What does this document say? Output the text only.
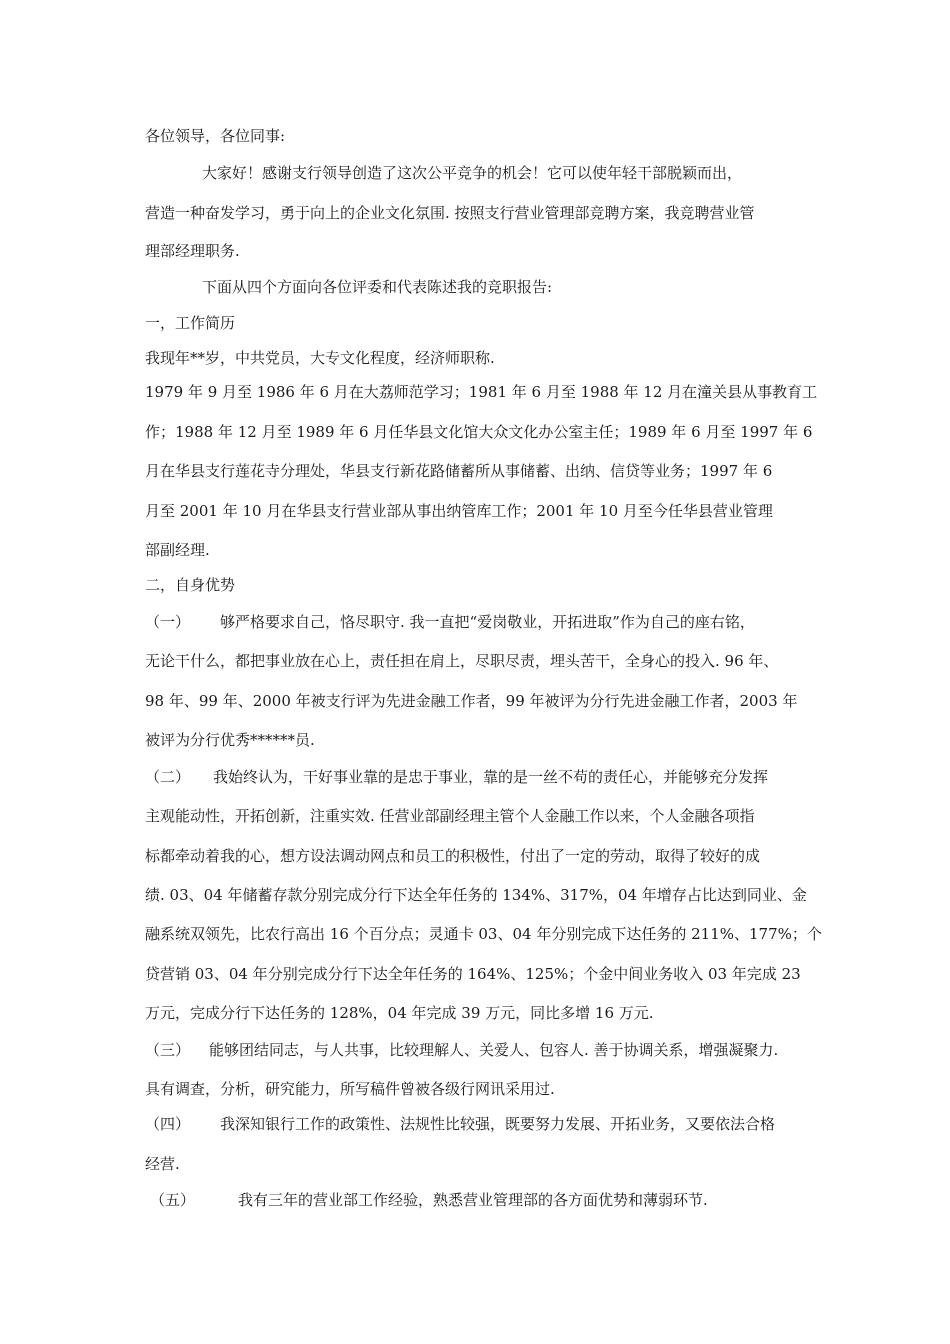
各位领导，各位同事:
大家好！感谢支行领导创造了这次公平竞争的机会！它可以使年轻干部脱颖而出，
营造一种奋发学习，勇于向上的企业文化氛围. 按照支行营业管理部竞聘方案，我竞聘营业管
理部经理职务.
下面从四个方面向各位评委和代表陈述我的竞职报告:
一，工作简历
我现年**岁，中共党员，大专文化程度，经济师职称.
1979 年 9 月至 1986 年 6 月在大荔师范学习；1981 年 6 月至 1988 年 12 月在潼关县从事教育工
作；1988 年 12 月至 1989 年 6 月任华县文化馆大众文化办公室主任；1989 年 6 月至 1997 年 6
月在华县支行莲花寺分理处，华县支行新花路储蓄所从事储蓄、出纳、信贷等业务；1997 年 6
月至 2001 年 10 月在华县支行营业部从事出纳管库工作；2001 年 10 月至今任华县营业管理
部副经理.
二，自身优势
（一） 够严格要求自己，恪尽职守. 我一直把“爱岗敬业，开拓进取”作为自己的座右铭，
无论干什么，都把事业放在心上，责任担在肩上，尽职尽责，埋头苦干，全身心的投入. 96 年、
98 年、99 年、2000 年被支行评为先进金融工作者，99 年被评为分行先进金融工作者，2003 年
被评为分行优秀******员.
（二） 我始终认为，干好事业靠的是忠于事业，靠的是一丝不苟的责任心，并能够充分发挥
主观能动性，开拓创新，注重实效. 任营业部副经理主管个人金融工作以来，个人金融各项指
标都牵动着我的心，想方设法调动网点和员工的积极性，付出了一定的劳动，取得了较好的成
绩. 03、04 年储蓄存款分别完成分行下达全年任务的 134%、317%，04 年增存占比达到同业、金
融系统双领先，比农行高出 16 个百分点；灵通卡 03、04 年分别完成下达任务的 211%、177%；个
贷营销 03、04 年分别完成分行下达全年任务的 164%、125%；个金中间业务收入 03 年完成 23
万元，完成分行下达任务的 128%，04 年完成 39 万元，同比多增 16 万元.
（三） 能够团结同志，与人共事，比较理解人、关爱人、包容人. 善于协调关系，增强凝聚力.
具有调查，分析，研究能力，所写稿件曾被各级行网讯采用过.
（四） 我深知银行工作的政策性、法规性比较强，既要努力发展、开拓业务，又要依法合格
经营.
（五）	我有三年的营业部工作经验，熟悉营业管理部的各方面优势和薄弱环节.
